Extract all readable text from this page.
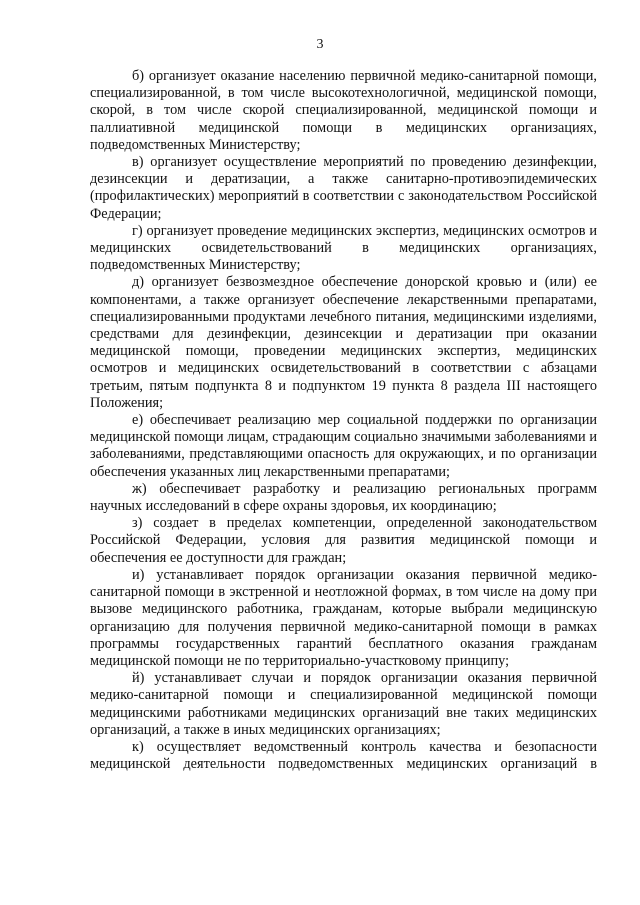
3

б) организует оказание населению первичной медико-санитарной помощи, специализированной, в том числе высокотехнологичной, медицинской помощи, скорой, в том числе скорой специализированной, медицинской помощи и паллиативной медицинской помощи в медицинских организациях, подведомственных Министерству;

в) организует осуществление мероприятий по проведению дезинфекции, дезинсекции и дератизации, а также санитарно-противоэпидемических (профилактических) мероприятий в соответствии с законодательством Российской Федерации;

г) организует проведение медицинских экспертиз, медицинских осмотров и медицинских освидетельствований в медицинских организациях, подведомственных Министерству;

д) организует безвозмездное обеспечение донорской кровью и (или) ее компонентами, а также организует обеспечение лекарственными препаратами, специализированными продуктами лечебного питания, медицинскими изделиями, средствами для дезинфекции, дезинсекции и дератизации при оказании медицинской помощи, проведении медицинских экспертиз, медицинских осмотров и медицинских освидетельствований в соответствии с абзацами третьим, пятым подпункта 8 и подпунктом 19 пункта 8 раздела III настоящего Положения;

е) обеспечивает реализацию мер социальной поддержки по организации медицинской помощи лицам, страдающим социально значимыми заболеваниями и заболеваниями, представляющими опасность для окружающих, и по организации обеспечения указанных лиц лекарственными препаратами;

ж) обеспечивает разработку и реализацию региональных программ научных исследований в сфере охраны здоровья, их координацию;

з) создает в пределах компетенции, определенной законодательством Российской Федерации, условия для развития медицинской помощи и обеспечения ее доступности для граждан;

и) устанавливает порядок организации оказания первичной медико-санитарной помощи в экстренной и неотложной формах, в том числе на дому при вызове медицинского работника, гражданам, которые выбрали медицинскую организацию для получения первичной медико-санитарной помощи в рамках программы государственных гарантий бесплатного оказания гражданам медицинской помощи не по территориально-участковому принципу;

й) устанавливает случаи и порядок организации оказания первичной медико-санитарной помощи и специализированной медицинской помощи медицинскими работниками медицинских организаций вне таких медицинских организаций, а также в иных медицинских организациях;

к) осуществляет ведомственный контроль качества и безопасности медицинской деятельности подведомственных медицинских организаций в
